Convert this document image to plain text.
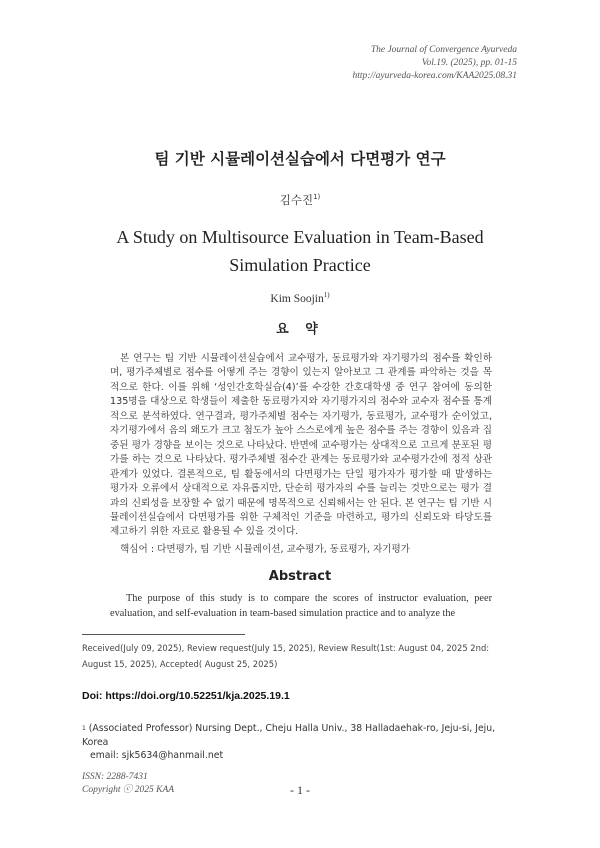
The Journal of Convergence Ayurveda
Vol.19. (2025), pp. 01-15
http://ayurveda-korea.com/KAA2025.08.31
팀 기반 시뮬레이션실습에서 다면평가 연구
김수진$^{1)}$
A Study on Multisource Evaluation in Team-Based
Simulation Practice
Kim Soojin$^{1)}$
요 약
본 연구는 팀 기반 시뮬레이션실습에서 교수평가, 동료평가와 자기평가의 점수를 확인하며, 평가주체별로 점수를 어떻게 주는 경향이 있는지 알아보고 그 관계를 파악하는 것을 목적으로 한다. 이를 위해 ‘성인간호학실습(4)’를 수강한 간호대학생 중 연구 참여에 동의한 135명을 대상으로 학생들이 제출한 동료평가지와 자기평가지의 점수와 교수자 점수를 통계적으로 분석하였다. 연구결과, 평가주체별 점수는 자기평가, 동료평가, 교수평가 순이었고, 자기평가에서 음의 왜도가 크고 첨도가 높아 스스로에게 높은 점수를 주는 경향이 있음과 집중된 평가 경향을 보이는 것으로 나타났다. 반면에 교수평가는 상대적으로 고르게 분포된 평가를 하는 것으로 나타났다. 평가주체별 점수간 관계는 동료평가와 교수평가간에 정적 상관관계가 있었다. 결론적으로, 팀 활동에서의 다면평가는 단일 평가자가 평가할 때 발생하는 평가자 오류에서 상대적으로 자유롭지만, 단순히 평가자의 수를 늘리는 것만으로는 평가 결과의 신뢰성을 보장할 수 없기 때문에 명목적으로 신뢰해서는 안 된다. 본 연구는 팀 기반 시뮬레이션실습에서 다면평가를 위한 구체적인 기준을 마련하고, 평가의 신뢰도와 타당도를 제고하기 위한 자료로 활용될 수 있을 것이다.
핵심어 : 다면평가, 팀 기반 시뮬레이션, 교수평가, 동료평가, 자기평가
Abstract
The purpose of this study is to compare the scores of instructor evaluation, peer evaluation, and self-evaluation in team-based simulation practice and to analyze the
Received(July 09, 2025), Review request(July 15, 2025), Review Result(1st: August 04, 2025 2nd: August 15, 2025), Accepted( August 25, 2025)
Doi: https://doi.org/10.52251/kja.2025.19.1
$^1$ (Associated Professor) Nursing Dept., Cheju Halla Univ., 38 Halladaehak-ro, Jeju-si, Jeju, Korea
email: sjk5634@hanmail.net
ISSN: 2288-7431
Copyright ⓒ 2025 KAA	- 1 -
